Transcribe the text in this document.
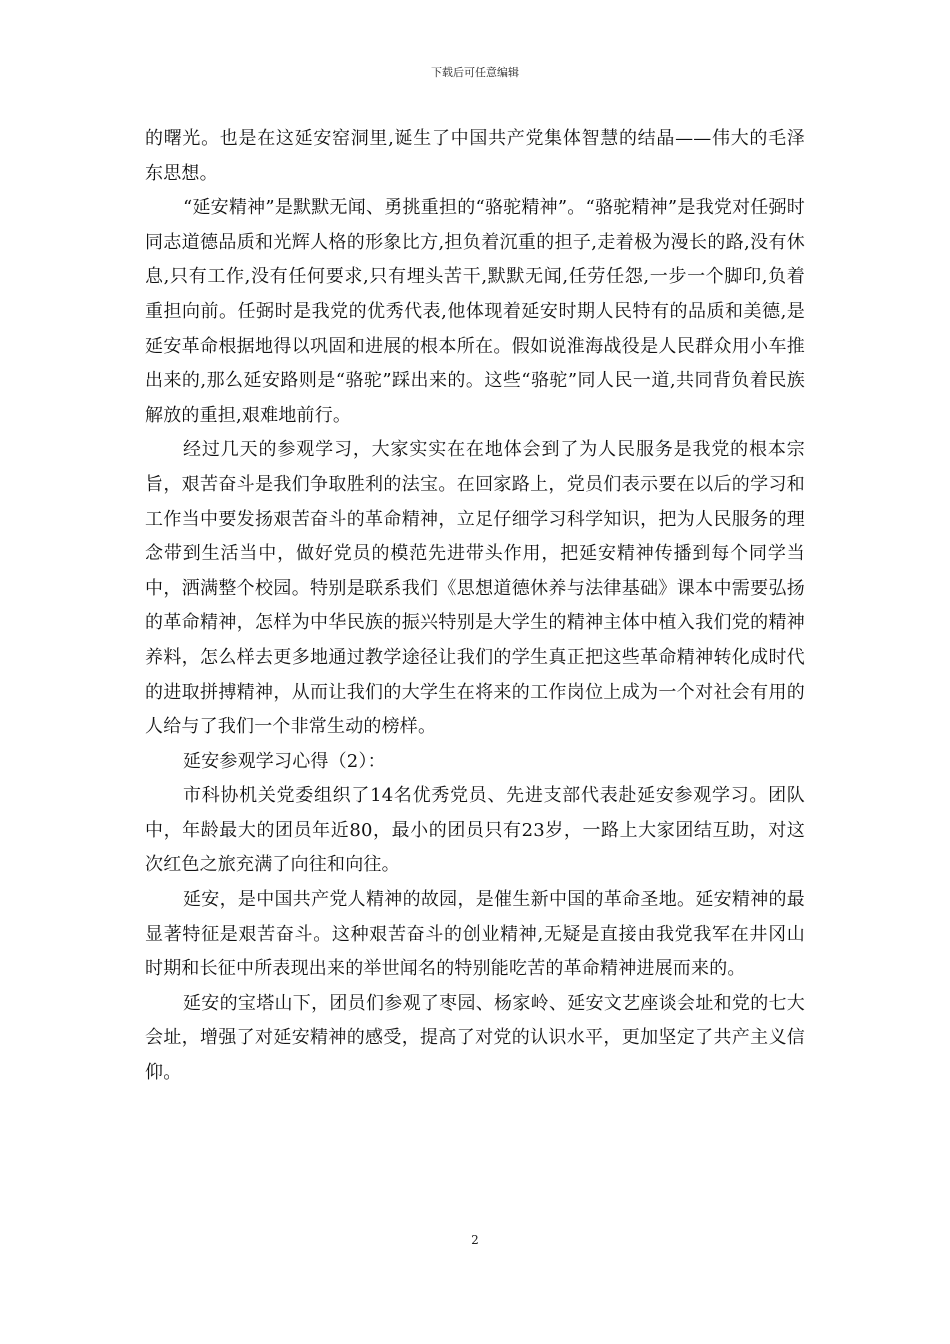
下载后可任意编辑

的曙光。也是在这延安窑洞里,诞生了中国共产党集体智慧的结晶——伟大的毛泽东思想。

“延安精神”是默默无闻、勇挑重担的“骆驼精神”。“骆驼精神”是我党对任弼时同志道德品质和光辉人格的形象比方,担负着沉重的担子,走着极为漫长的路,没有休息,只有工作,没有任何要求,只有埋头苦干,默默无闻,任劳任怨,一步一个脚印,负着重担向前。任弼时是我党的优秀代表,他体现着延安时期人民特有的品质和美德,是延安革命根据地得以巩固和进展的根本所在。假如说淮海战役是人民群众用小车推出来的,那么延安路则是“骆驼”踩出来的。这些“骆驼”同人民一道,共同背负着民族解放的重担,艰难地前行。

经过几天的参观学习，大家实实在在地体会到了为人民服务是我党的根本宗旨，艰苦奋斗是我们争取胜利的法宝。在回家路上，党员们表示要在以后的学习和工作当中要发扬艰苦奋斗的革命精神，立足仔细学习科学知识，把为人民服务的理念带到生活当中，做好党员的模范先进带头作用，把延安精神传播到每个同学当中，洒满整个校园。特别是联系我们《思想道德休养与法律基础》课本中需要弘扬的革命精神，怎样为中华民族的振兴特别是大学生的精神主体中植入我们党的精神养料，怎么样去更多地通过教学途径让我们的学生真正把这些革命精神转化成时代的进取拼搏精神，从而让我们的大学生在将来的工作岗位上成为一个对社会有用的人给与了我们一个非常生动的榜样。

延安参观学习心得（2）：

市科协机关党委组织了14名优秀党员、先进支部代表赴延安参观学习。团队中，年龄最大的团员年近80，最小的团员只有23岁，一路上大家团结互助，对这次红色之旅充满了向往和向往。

延安，是中国共产党人精神的故园，是催生新中国的革命圣地。延安精神的最显著特征是艰苦奋斗。这种艰苦奋斗的创业精神,无疑是直接由我党我军在井冈山时期和长征中所表现出来的举世闻名的特别能吃苦的革命精神进展而来的。

延安的宝塔山下，团员们参观了枣园、杨家岭、延安文艺座谈会址和党的七大会址，增强了对延安精神的感受，提高了对党的认识水平，更加坚定了共产主义信仰。

2
